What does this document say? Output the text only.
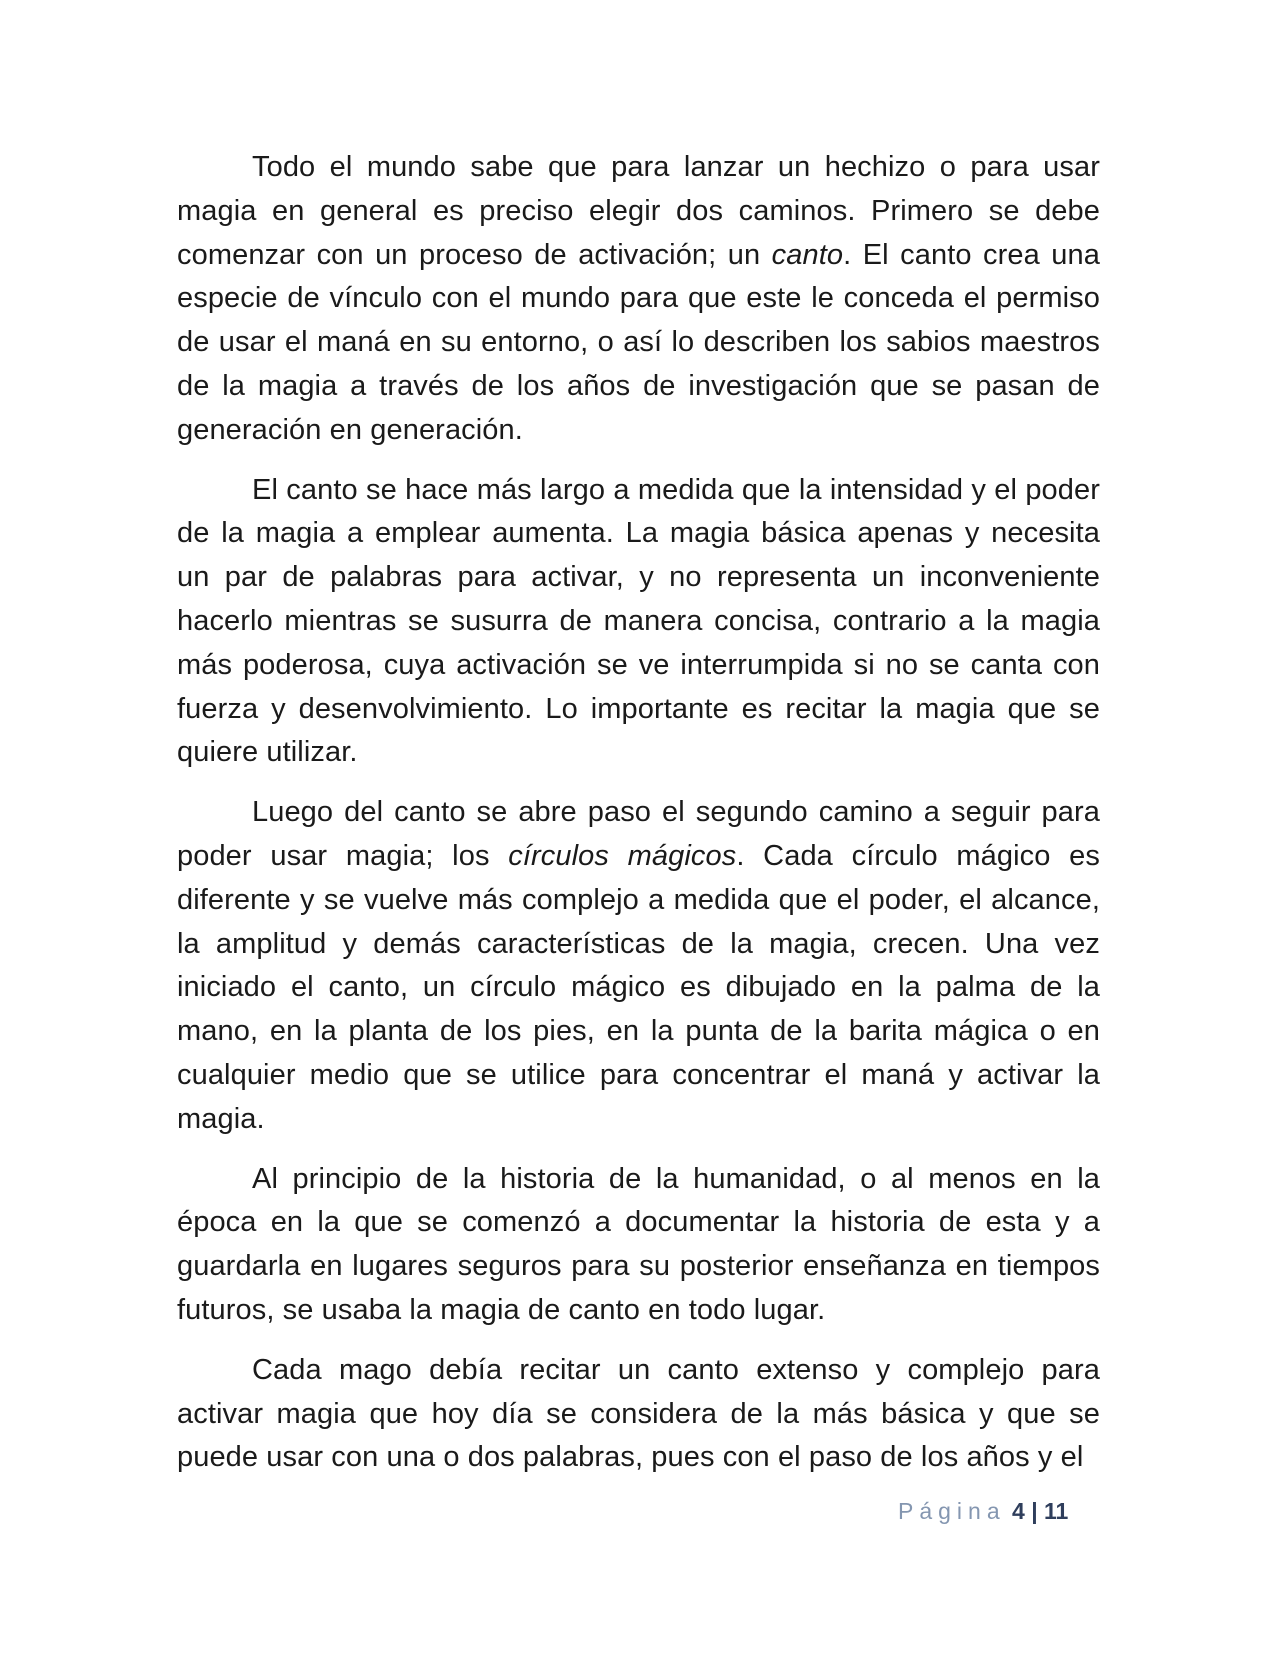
Todo el mundo sabe que para lanzar un hechizo o para usar magia en general es preciso elegir dos caminos. Primero se debe comenzar con un proceso de activación; un canto. El canto crea una especie de vínculo con el mundo para que este le conceda el permiso de usar el maná en su entorno, o así lo describen los sabios maestros de la magia a través de los años de investigación que se pasan de generación en generación.

El canto se hace más largo a medida que la intensidad y el poder de la magia a emplear aumenta. La magia básica apenas y necesita un par de palabras para activar, y no representa un inconveniente hacerlo mientras se susurra de manera concisa, contrario a la magia más poderosa, cuya activación se ve interrumpida si no se canta con fuerza y desenvolvimiento. Lo importante es recitar la magia que se quiere utilizar.

Luego del canto se abre paso el segundo camino a seguir para poder usar magia; los círculos mágicos. Cada círculo mágico es diferente y se vuelve más complejo a medida que el poder, el alcance, la amplitud y demás características de la magia, crecen. Una vez iniciado el canto, un círculo mágico es dibujado en la palma de la mano, en la planta de los pies, en la punta de la barita mágica o en cualquier medio que se utilice para concentrar el maná y activar la magia.

Al principio de la historia de la humanidad, o al menos en la época en la que se comenzó a documentar la historia de esta y a guardarla en lugares seguros para su posterior enseñanza en tiempos futuros, se usaba la magia de canto en todo lugar.

Cada mago debía recitar un canto extenso y complejo para activar magia que hoy día se considera de la más básica y que se puede usar con una o dos palabras, pues con el paso de los años y el

Página 4 | 11
